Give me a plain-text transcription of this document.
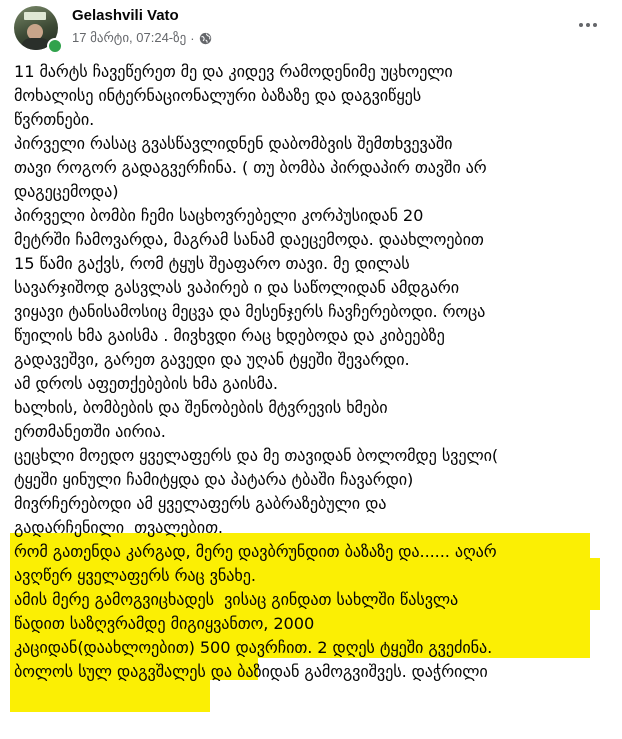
Gelashvili Vato
17 მარტი, 07:24-ზე ·
11 მარტს ჩავეწერეთ მე და კიდევ რამოდენიმე უცხოელი
მოხალისე ინტერნაციონალური ბაზაზე და დაგვიწყეს
წვრთნები.
პირველი რასაც გვასწავლიდნენ დაბომბვის შემთხვევაში
თავი როგორ გადაგვერჩინა. ( თუ ბომბა პირდაპირ თავში არ
დაგეცემოდა)
პირველი ბომბი ჩემი საცხოვრებელი კორპუსიდან 20
მეტრში ჩამოვარდა, მაგრამ სანამ დაეცემოდა. დაახლოებით
15 წამი გაქვს, რომ ტყუს შეაფარო თავი. მე დილას
სავარჯიშოდ გასვლას ვაპირებ ი და საწოლიდან ამდგარი
ვიყავი ტანისამოსიც მეცვა და მესენჯერს ჩავჩერებოდი. როცა
წუილის ხმა გაისმა . მივხვდი რაც ხდებოდა და კიბეებზე
გადავეშვი, გარეთ გავედი და უღან ტყეში შევარდი.
ამ დროს აფეთქებების ხმა გაისმა.
ხალხის, ბომბების და შენობების მტვრევის ხმები
ერთმანეთში აირია.
ცეცხლი მოედო ყველაფერს და მე თავიდან ბოლომდე სველი(
ტყეში ყინული ჩამიტყდა და პატარა ტბაში ჩავარდი)
მივრჩერებოდი ამ ყველაფერს გაბრაზებული და
გადარჩენილი  თვალებით.
რომ გათენდა კარგად, მერე დავბრუნდით ბაზაზე და...... აღარ
ავღწერ ყველაფერს რაც ვნახე.
ამის მერე გამოგვიცხადეს  ვისაც გინდათ სახლში წასვლა
წადით საზღვრამდე მიგიყვანთო, 2000
კაციდან(დაახლოებით) 500 დავრჩით. 2 დღეს ტყეში გვეძინა.
ბოლოს სულ დაგვშალეს და ბაზიდან გამოგვიშვეს. დაჭრილი
